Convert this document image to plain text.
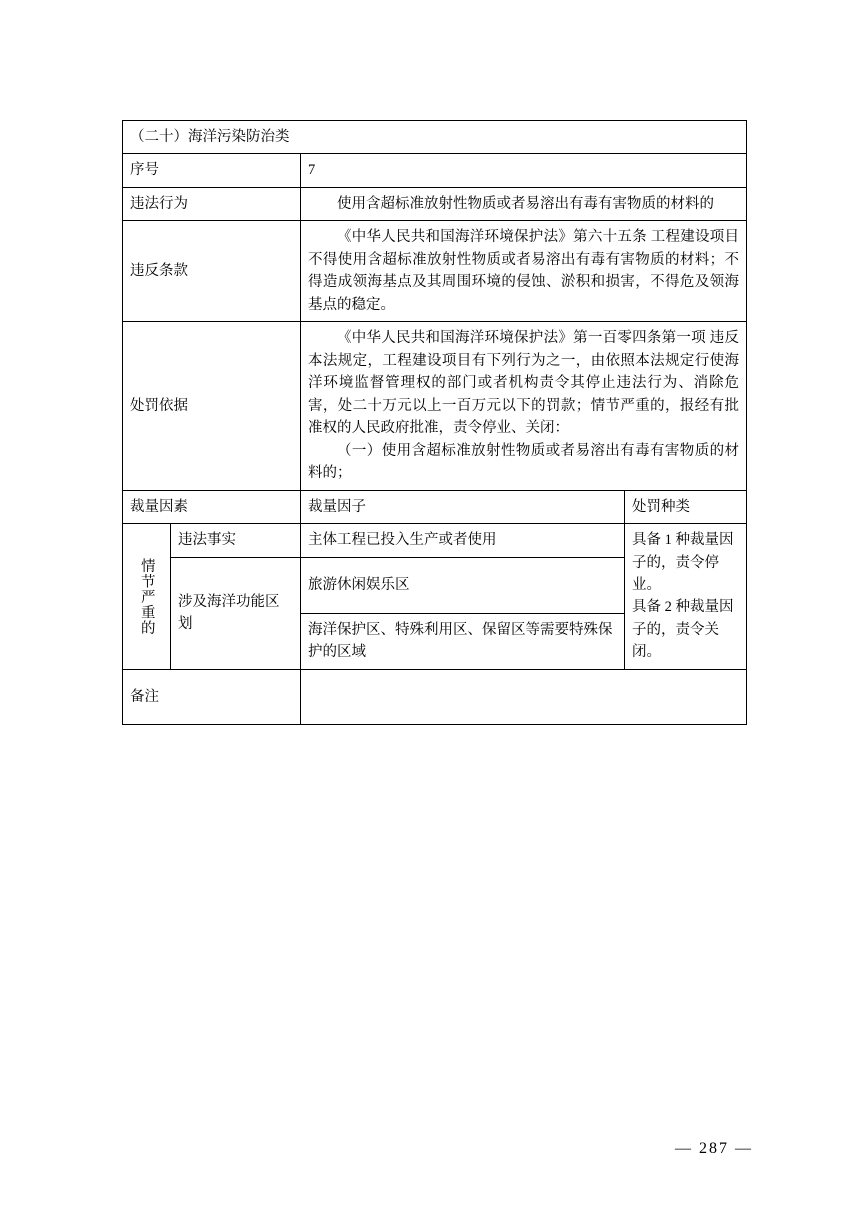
（二十）海洋污染防治类			
序号		7	
违法行为		使用含超标准放射性物质或者易溶出有毒有害物质的材料的	

违反条款		《中华人民共和国海洋环境保护法》第六十五条 工程建设项目不得使用含超标准放射性物质或者易溶出有毒有害物质的材料；不得造成领海基点及其周围环境的侵蚀、淤积和损害，不得危及领海基点的稳定。	

处罚依据		《中华人民共和国海洋环境保护法》第一百零四条第一项 违反本法规定，工程建设项目有下列行为之一，由依照本法规定行使海洋环境监督管理权的部门或者机构责令其停止违法行为、消除危害，处二十万元以上一百万元以下的罚款；情节严重的，报经有批准权的人民政府批准，责令停业、关闭：

（一）使用含超标准放射性物质或者易溶出有毒有害物质的材料的；	

裁量因素		裁量因子	处罚种类
情节严重的	违法事实	主体工程已投入生产或者使用	具备 1 种裁量因子的，责令停业。

具备 2 种裁量因子的，责令关闭。

	涉及海洋功能区划	旅游休闲娱乐区	
		海洋保护区、特殊利用区、保留区等需要特殊保护的区域	
备注			
— 287 —
